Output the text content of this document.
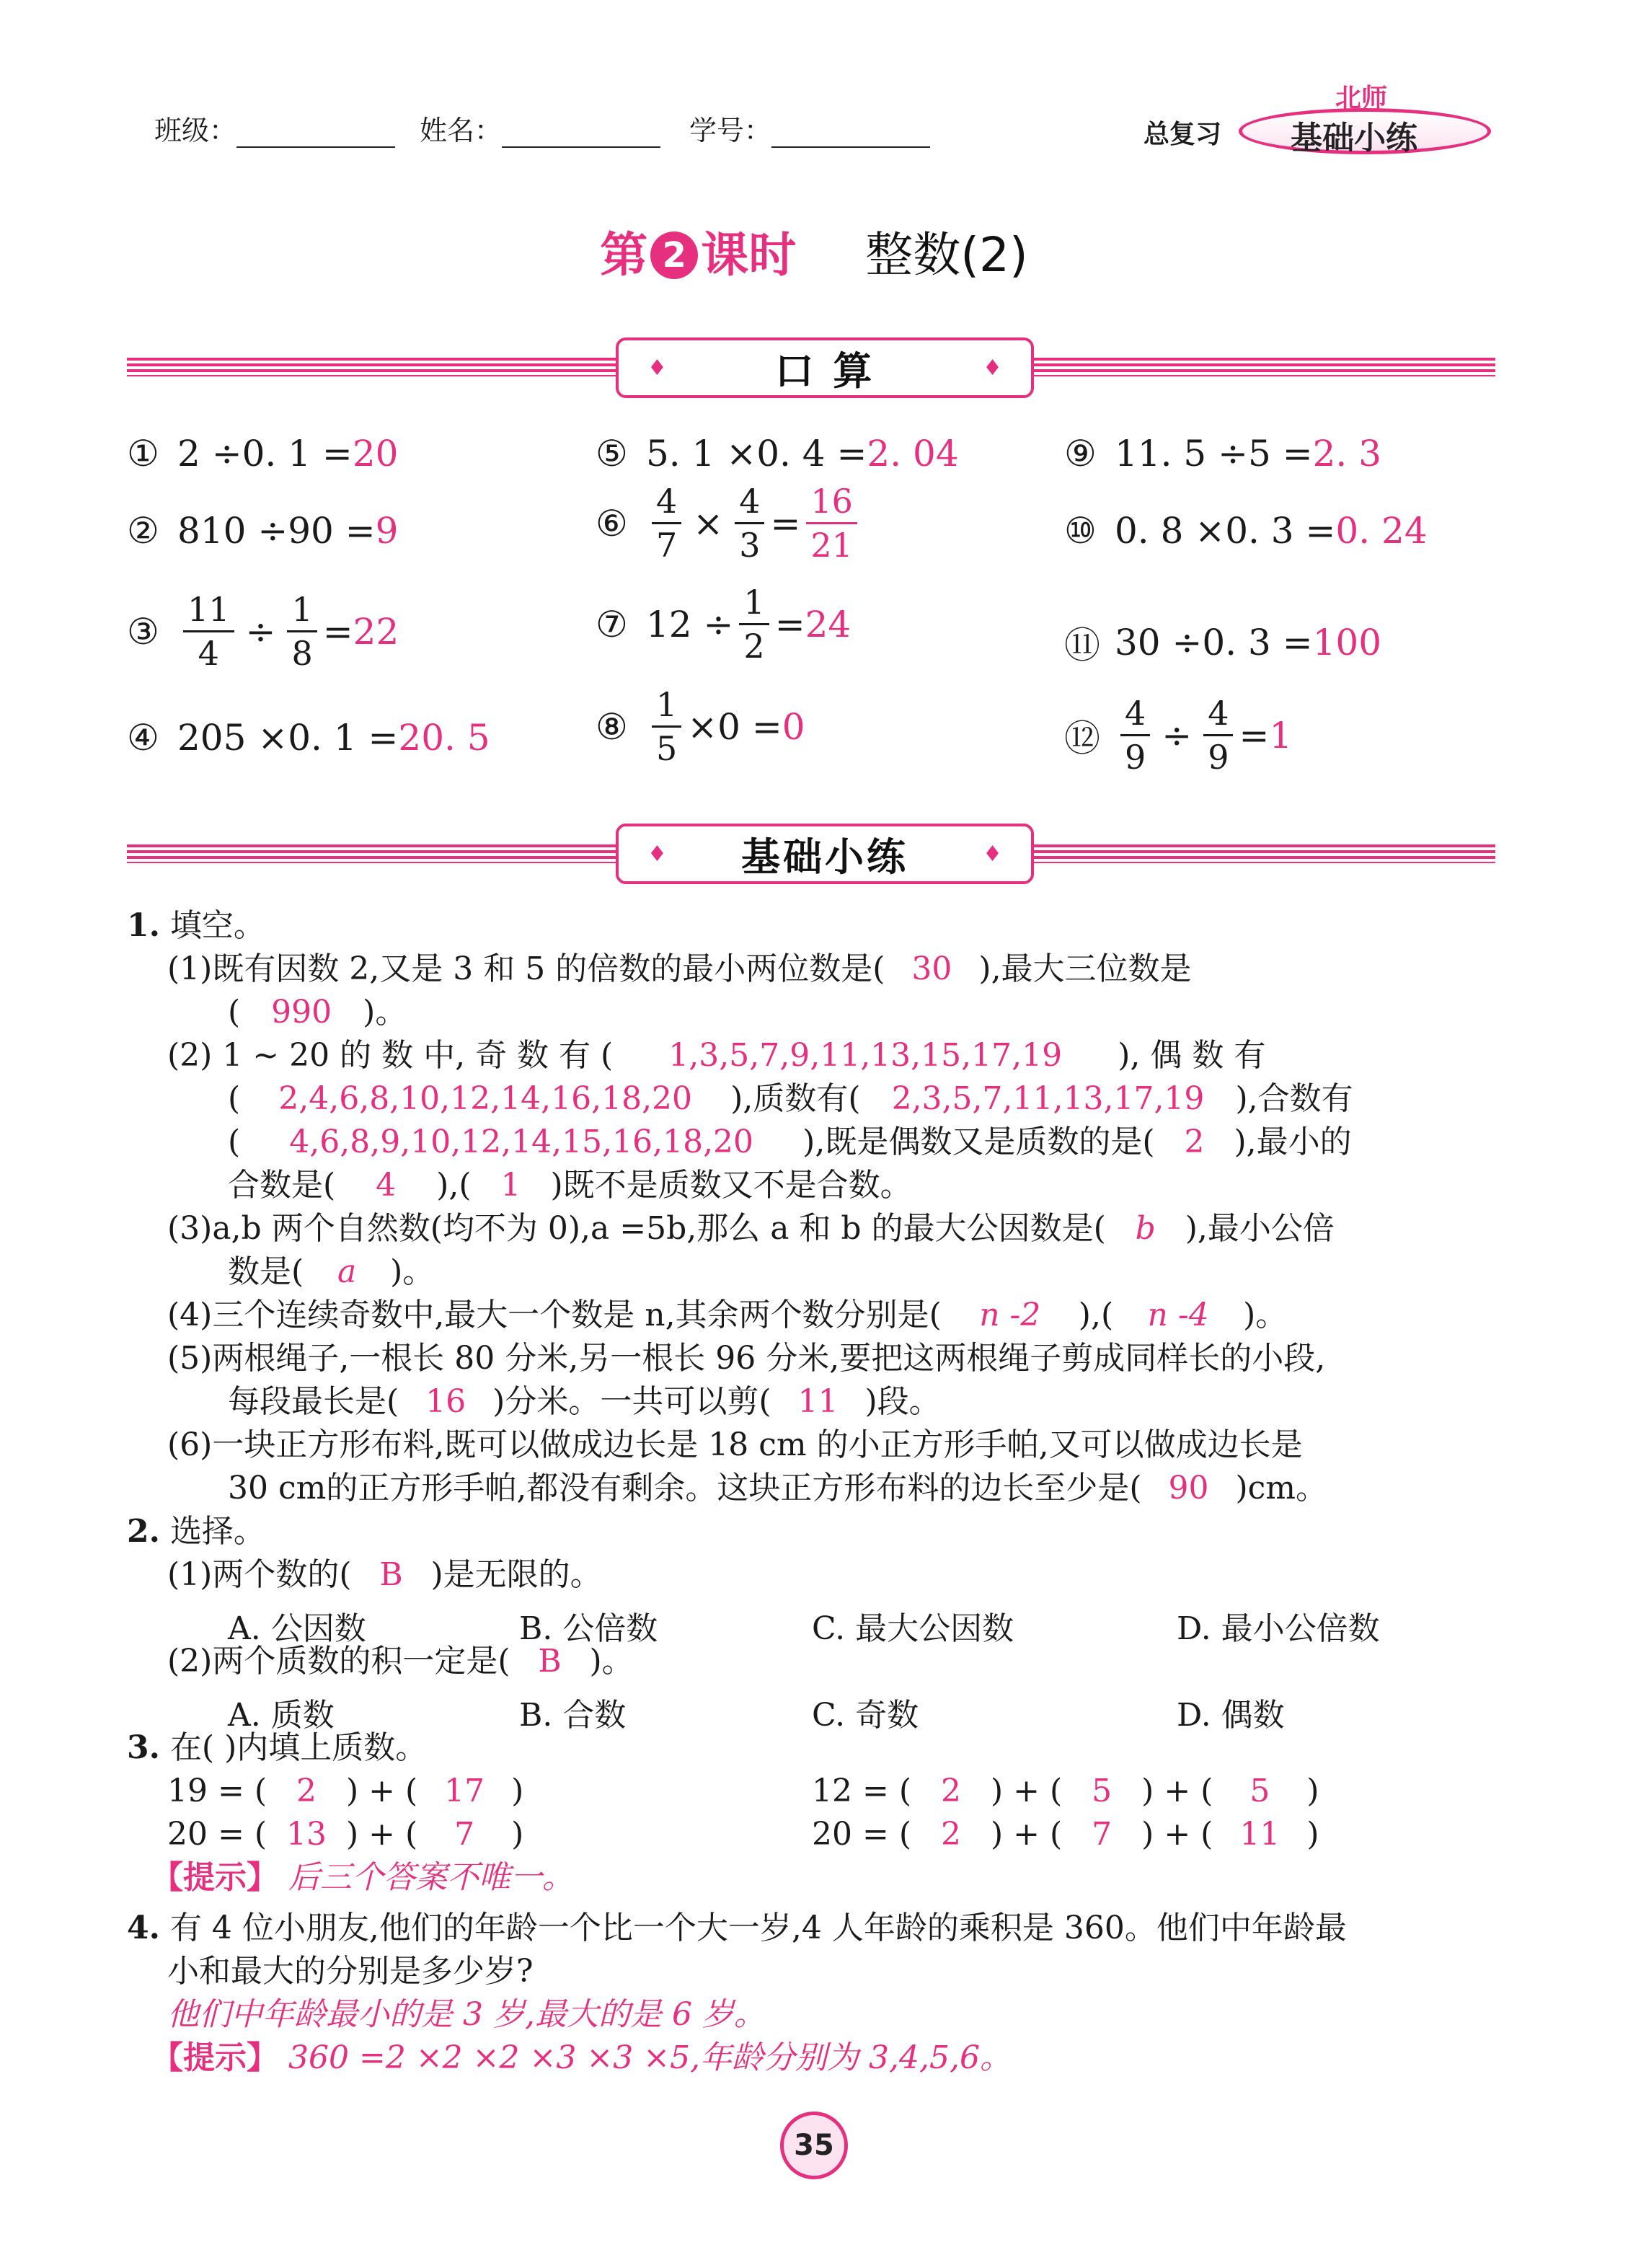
班级：	姓名：	学号：	总复习
北师
基础小练
第 2 课时 整数(2)
♦	口 算	♦
① 2 ÷0. 1 = 20
② 810 ÷90 = 9
③ $\frac{11}{4} \div \frac{1}{8} = 22$
④ 205 ×0. 1 = 20. 5
⑤ 5. 1 ×0. 4 = 2. 04
⑥ $\frac{4}{7} \times \frac{4}{3} = \frac{16}{21}$
⑦ $12 \div \frac{1}{2} = 24$
⑧ $\frac{1}{5} \times 0 = 0$
⑨ 11. 5 ÷5 = 2. 3
⑩ 0. 8 ×0. 3 = 0. 24
⑪ 30 ÷0. 3 = 100
⑫ $\frac{4}{9} \div \frac{4}{9} = 1$
♦ 基础小练	♦
1. 填空。
(1)既有因数 2,又是 3 和 5 的倍数的最小两位数是( 30 ),最大三位数是
( 990 )。
(2) 1 ~ 20 的 数 中, 奇 数 有 ( 1,3,5,7,9,11,13,15,17,19 ), 偶 数 有
( 2,4,6,8,10,12,14,16,18,20 ),质数有( 2,3,5,7,11,13,17,19 ),合数有
( 4,6,8,9,10,12,14,15,16,18,20 ),既是偶数又是质数的是( 2 ),最小的
合数是( 4 ),( 1 )既不是质数又不是合数。
(3)a,b 两个自然数(均不为 0),a =5b,那么 a 和 b 的最大公因数是( b ),最小公倍
数是( a )。
(4)三个连续奇数中,最大一个数是 n,其余两个数分别是( n -2 ),( n -4 )。
(5)两根绳子,一根长 80 分米,另一根长 96 分米,要把这两根绳子剪成同样长的小段,
每段最长是( 16 )分米。一共可以剪( 11 )段。
(6)一块正方形布料,既可以做成边长是 18 cm 的小正方形手帕,又可以做成边长是
30 cm的正方形手帕,都没有剩余。这块正方形布料的边长至少是( 90 )cm。
2. 选择。
(1)两个数的( B )是无限的。
A. 公因数	B. 公倍数	C. 最大公因数	D. 最小公倍数
(2)两个质数的积一定是( B )。
A. 质数	B. 合数	C. 奇数	D. 偶数
3. 在( )内填上质数。
19 = ( 2 ) + ( 17 )
20 = ( 13 ) + ( 7 )
12 = ( 2 ) + ( 5 ) + ( 5 )
20 = ( 2 ) + ( 7 ) + ( 11 )
【提示】 后三个答案不唯一。
4. 有 4 位小朋友,他们的年龄一个比一个大一岁,4 人年龄的乘积是 360。他们中年龄最
小和最大的分别是多少岁?
他们中年龄最小的是 3 岁,最大的是 6 岁。
【提示】 360 =2 ×2 ×2 ×3 ×3 ×5,年龄分别为 3,4,5,6。
35
